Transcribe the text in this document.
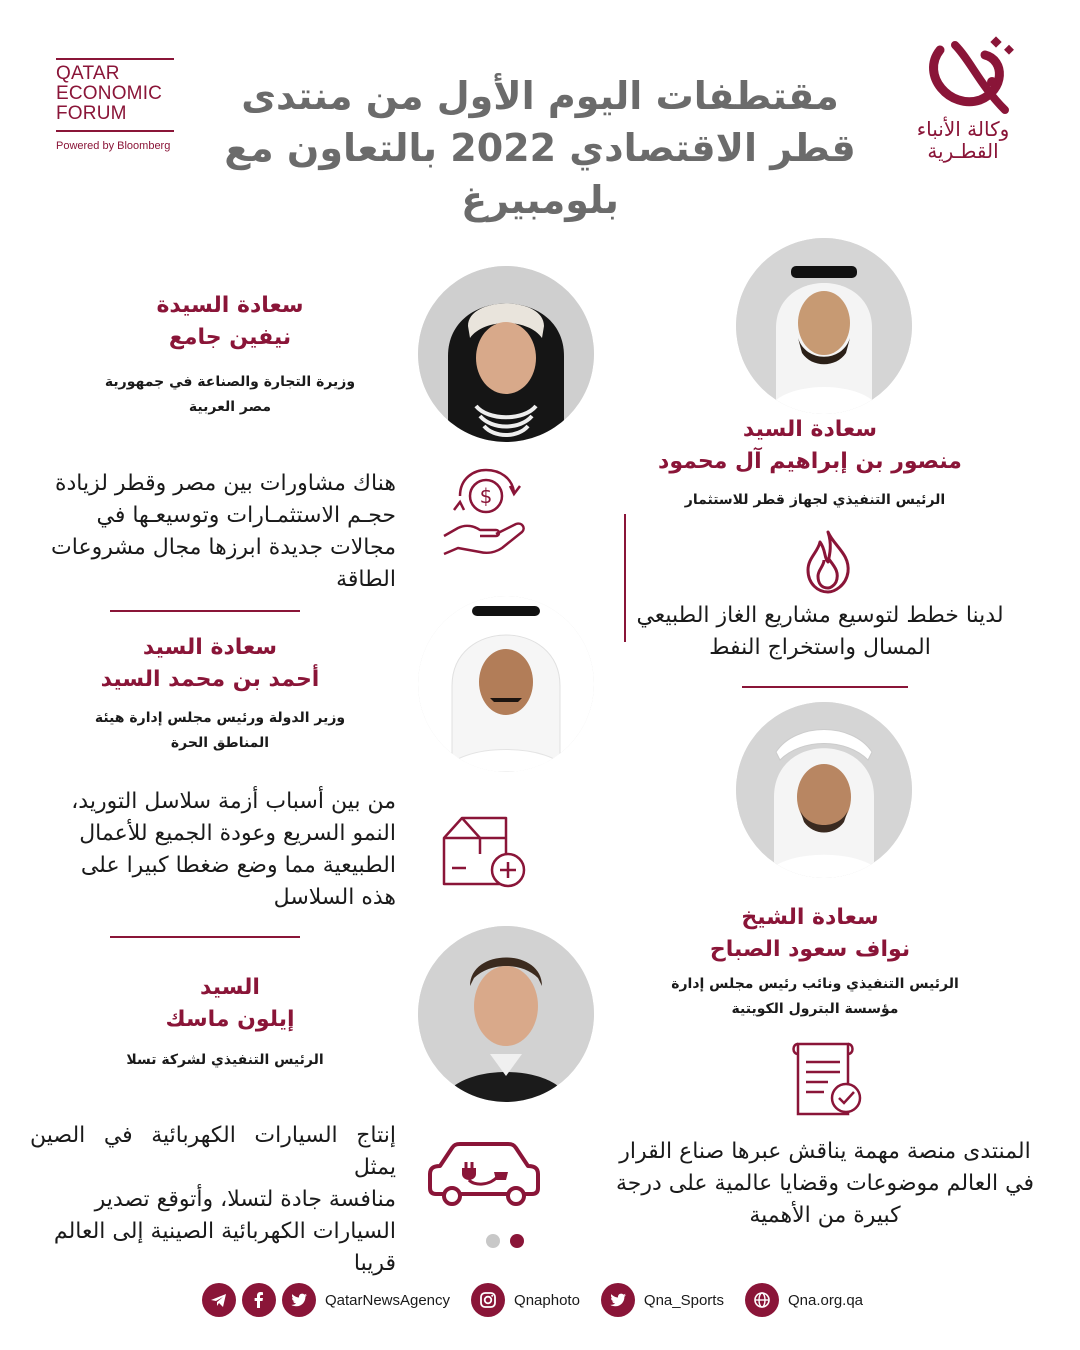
QATAR
ECONOMIC
FORUM
Powered by Bloomberg
مقتطفات اليوم الأول من منتدى
قطر الاقتصادي 2022 بالتعاون مع
بلومبيرغ
وكالة الأنباء
القطـرية
سعادة السيد
منصور بن إبراهيم آل محمود
الرئيس التنفيذي لجهاز قطر للاستثمار
لدينا خطط لتوسيع مشاريع الغاز الطبيعي
المسال واستخراج النفط
سعادة الشيخ
نواف سعود الصباح
الرئيس التنفيذي ونائب رئيس مجلس إدارة
مؤسسة البترول الكويتية
المنتدى منصة مهمة يناقش عبرها صناع القرار
في العالم موضوعات وقضايا عالمية على درجة
كبيرة من الأهمية
سعادة السيدة
نيفين جامع
وزيرة التجارة والصناعة في جمهورية
مصر العربية
$
هناك مشاورات بين مصر وقطر لزيادة
حجـم الاستثمـارات وتوسيعـها في
مجالات جديدة ابرزها مجال مشروعات
الطاقة
سعادة السيد
أحمد بن محمد السيد
وزير الدولة ورئيس مجلس إدارة هيئة
المناطق الحرة
من بين أسباب أزمة سلاسل التوريد،
النمو السريع وعودة الجميع للأعمال
الطبيعية مما وضع ضغطا كبيرا على
هذه السلاسل
السيد
إيلون ماسك
الرئيس التنفيذي لشركة تسلا
إنتاج السيارات الكهربائية في الصين يمثل
منافسة جادة لتسلا، وأتوقع تصدير
السيارات الكهربائية الصينية إلى العالم
قريبا
QatarNewsAgency	Qnaphoto	Qna_Sports	Qna.org.qa
